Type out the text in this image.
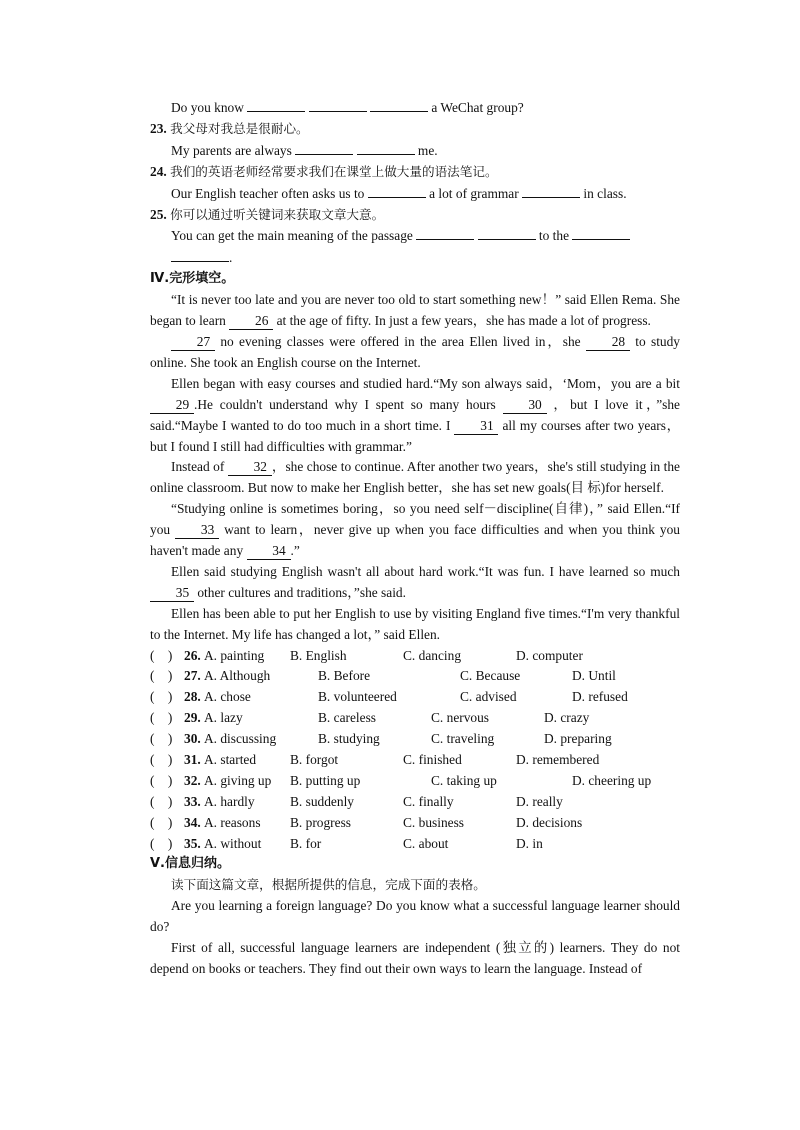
Do you know	a WeChat group?
23. 我父母对我总是很耐心。
My parents are always	me.
24. 我们的英语老师经常要求我们在课堂上做大量的语法笔记。
Our English teacher often asks us to	a lot of grammar	in class.
25. 你可以通过听关键词来获取文章大意。
You can get the main meaning of the passage	to the
.
Ⅳ.完形填空。
“It is never too late and you are never too old to start something new！” said Ellen Rema. She began to learn 26 at the age of fifty. In just a few years，she has made a lot of progress.
27 no evening classes were offered in the area Ellen lived in，she 28 to study online. She took an English course on the Internet.
Ellen began with easy courses and studied hard.“My son always said，‘Mom，you are a bit 29 .He couldn't understand why I spent so many hours 30 ，but I love it，”she said.“Maybe I wanted to do too much in a short time. I 31 all my courses after two years，but I found I still had difficulties with grammar.”
Instead of 32 ，she chose to continue. After another two years，she's still studying in the online classroom. But now to make her English better，she has set new goals(目 标)for herself.
“Studying online is sometimes boring，so you need self－discipline(自律)，” said Ellen.“If you 33 want to learn，never give up when you face difficulties and when you think you haven't made any 34 .”
Ellen said studying English wasn't all about hard work.“It was fun. I have learned so much 35 other cultures and traditions，”she said.
Ellen has been able to put her English to use by visiting England five times.“I'm very thankful to the Internet. My life has changed a lot，” said Ellen.
(  ) 26. A. painting B. English	C. dancing	D. computer
(  ) 27. A. Although	B. Before	C. Because	D. Until
(  ) 28. A. chose	B. volunteered	C. advised	D. refused
(  ) 29. A. lazy	B. careless	C. nervous	D. crazy
(  ) 30. A. discussing	B. studying	C. traveling	D. preparing
(  ) 31. A. started	B. forgot	C. finished	D. remembered
(  ) 32. A. giving up B. putting up	C. taking up	D. cheering up
(  ) 33. A. hardly	B. suddenly	C. finally	D. really
(  ) 34. A. reasons B. progress	C. business	D. decisions
(  ) 35. A. without B. for	C. about	D. in
Ⅴ.信息归纳。
读下面这篇文章，根据所提供的信息，完成下面的表格。
Are you learning a foreign language? Do you know what a successful language learner should do?
First of all, successful language learners are independent (独立的) learners. They do not depend on books or teachers. They find out their own ways to learn the language. Instead of
